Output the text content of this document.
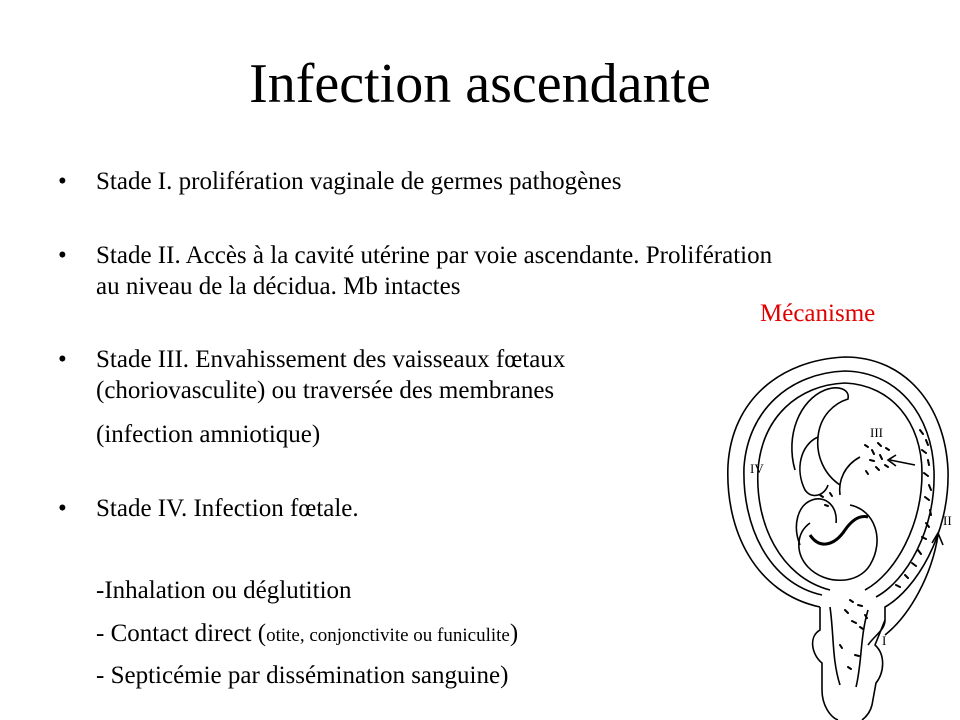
Infection ascendante
• Stade I. prolifération vaginale de germes pathogènes
• Stade II. Accès à la cavité utérine par voie ascendante. Prolifération au niveau de la décidua. Mb intactes
• Stade III. Envahissement des vaisseaux fœtaux (choriovasculite) ou traversée des membranes
(infection amniotique)
• Stade IV. Infection fœtale.
-Inhalation ou déglutition
- Contact direct (otite, conjonctivite ou funiculite)
- Septicémie par dissémination sanguine)
Mécanisme
IV
III
II
I
